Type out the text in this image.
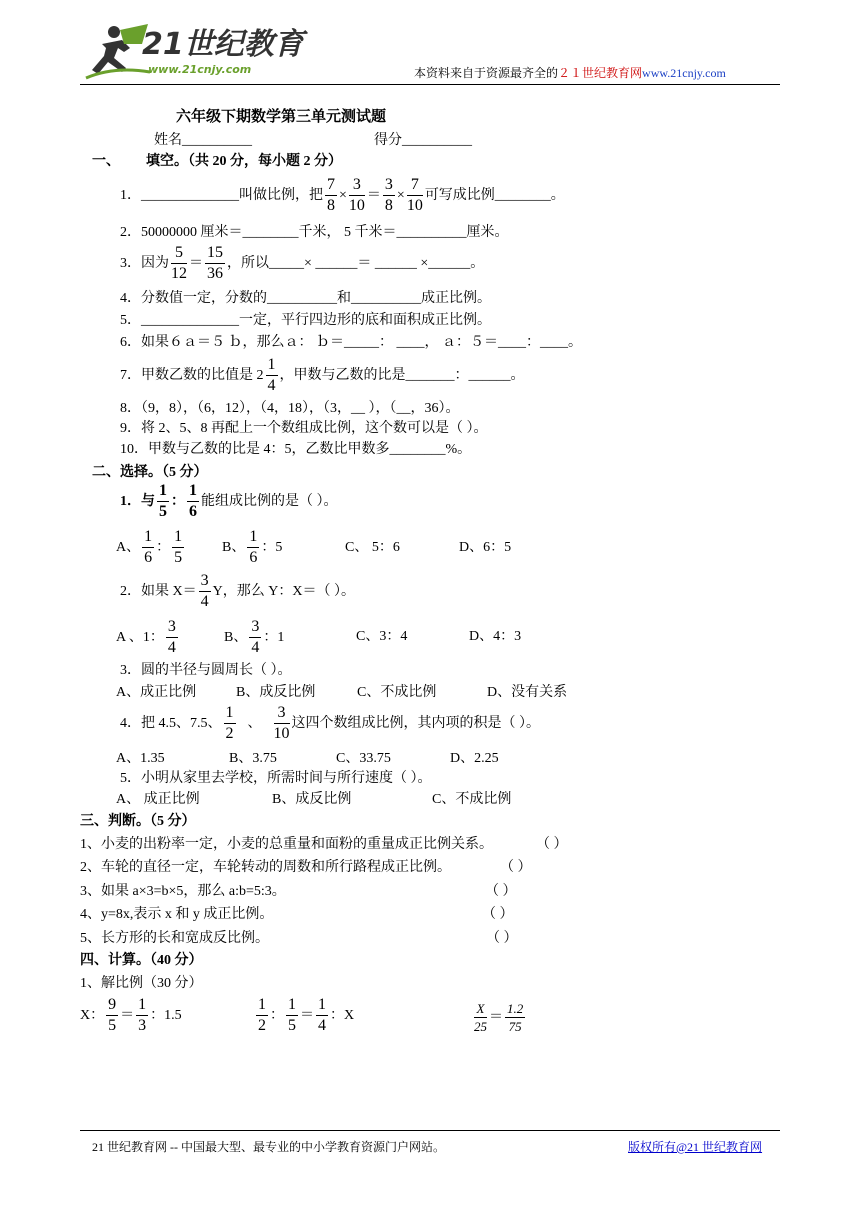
21世纪教育
www.21cnjy.com	本资料来自于资源最齐全的２１世纪教育网www.21cnjy.com
六年级下期数学第三单元测试题
姓名__________	得分__________
一、 填空。（共 20 分，每小题 2 分）
1．______________叫做比例，把 $\frac{7}{8} \times \frac{3}{10} = \frac{3}{8} \times \frac{7}{10}$ 可写成比例________。
2．50000000 厘米＝________千米， 5 千米＝__________厘米。
3．因为 $\frac{5}{12} = \frac{15}{36}$ ，所以_____× ______＝ ______ ×______。
4．分数值一定，分数的__________和__________成正比例。
5．______________一定，平行四边形的底和面积成正比例。
6．如果６ａ＝５ ｂ，那么ａ： ｂ＝_____： ____， ａ：５＝____：____。
7．甲数乙数的比值是 $2 \frac{1}{4}$ ，甲数与乙数的比是_______：______。
8．（9，8），（6，12），（4，18），（3，__ ），（__，36）。
9．将 2、5、8 再配上一个数组成比例，这个数可以是（ ）。
10．甲数与乙数的比是 4：5，乙数比甲数多________%。
二、选择。（5 分）
1．与 $\frac{1}{5}$ ： $\frac{1}{6}$ 能组成比例的是（ ）。
A、 $\frac{1}{6}$ ： $\frac{1}{5}$	B、 $\frac{1}{6}$ ：5	C、 5：6	D、6：5
2．如果 $X= \frac{3}{4}$ Y，那么 Y：X＝（ ）。
A 、1： $\frac{3}{4}$	B、 $\frac{3}{4}$ ：1	C、3：4	D、4：3
3．圆的半径与圆周长（ ）。
A、成正比例	B、成反比例	C、不成比例	D、没有关系
4．把 4.5、7.5、 $\frac{1}{2}$ 、 $\frac{3}{10}$ 这四个数组成比例，其内项的积是（ ）。
A、1.35	B、3.75	C、33.75	D、2.25
5．小明从家里去学校，所需时间与所行速度（ ）。
A、 成正比例	B、成反比例	C、不成比例
三、判断。（5 分）
1、小麦的出粉率一定，小麦的总重量和面粉的重量成正比例关系。	（ ）
2、车轮的直径一定，车轮转动的周数和所行路程成正比例。	（ ）
3、如果 a×3=b×5，那么 a:b=5:3。	（ ）
4、y=8x,表示 x 和 y 成正比例。	（ ）
5、长方形的长和宽成反比例。	（ ）
四、计算。（40 分）
1、解比例（30 分）
X： $\frac{9}{5} = \frac{1}{3}$ ：1.5	$\frac{1}{2}$ ： $\frac{1}{5} = \frac{1}{4}$ ：X	$\frac{X}{25} = \frac{1.2}{75}$
21 世纪教育网 -- 中国最大型、最专业的中小学教育资源门户网站。	版权所有@21 世纪教育网
